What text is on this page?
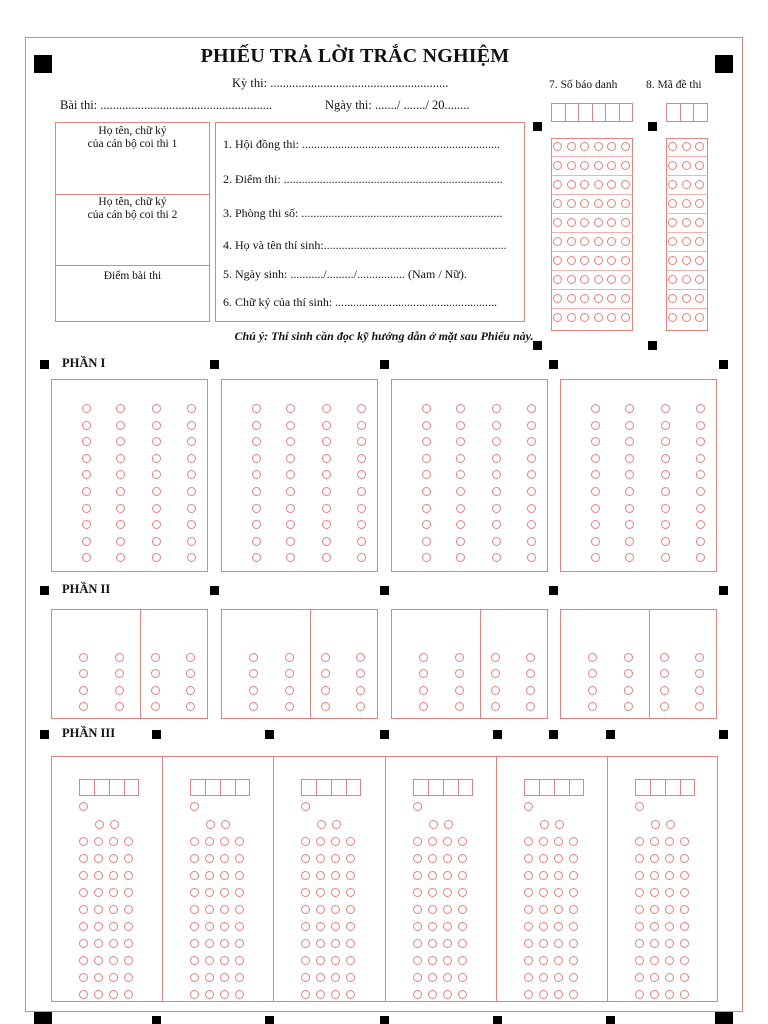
PHIẾU TRẢ LỜI TRẮC NGHIỆM
Kỳ thi: .........................................................
Bài thi: .......................................................	Ngày thi: ......./ ......./ 20........
Họ tên, chữ ký
của cán bộ coi thi 1
Họ tên, chữ ký
của cán bộ coi thi 2
Điểm bài thi
1. Hội đồng thi: ..................................................................
2. Điểm thi: .........................................................................
3. Phòng thi số: ...................................................................
4. Họ và tên thí sinh:.............................................................
5. Ngày sinh: .........../........./................ (Nam / Nữ).
6. Chữ ký của thí sinh: ......................................................
7. Số báo danh 8. Mã đề thi
Chú ý: Thí sinh cần đọc kỹ hướng dẫn ở mặt sau Phiếu này.
PHẦN I
PHẦN II
PHẦN III
